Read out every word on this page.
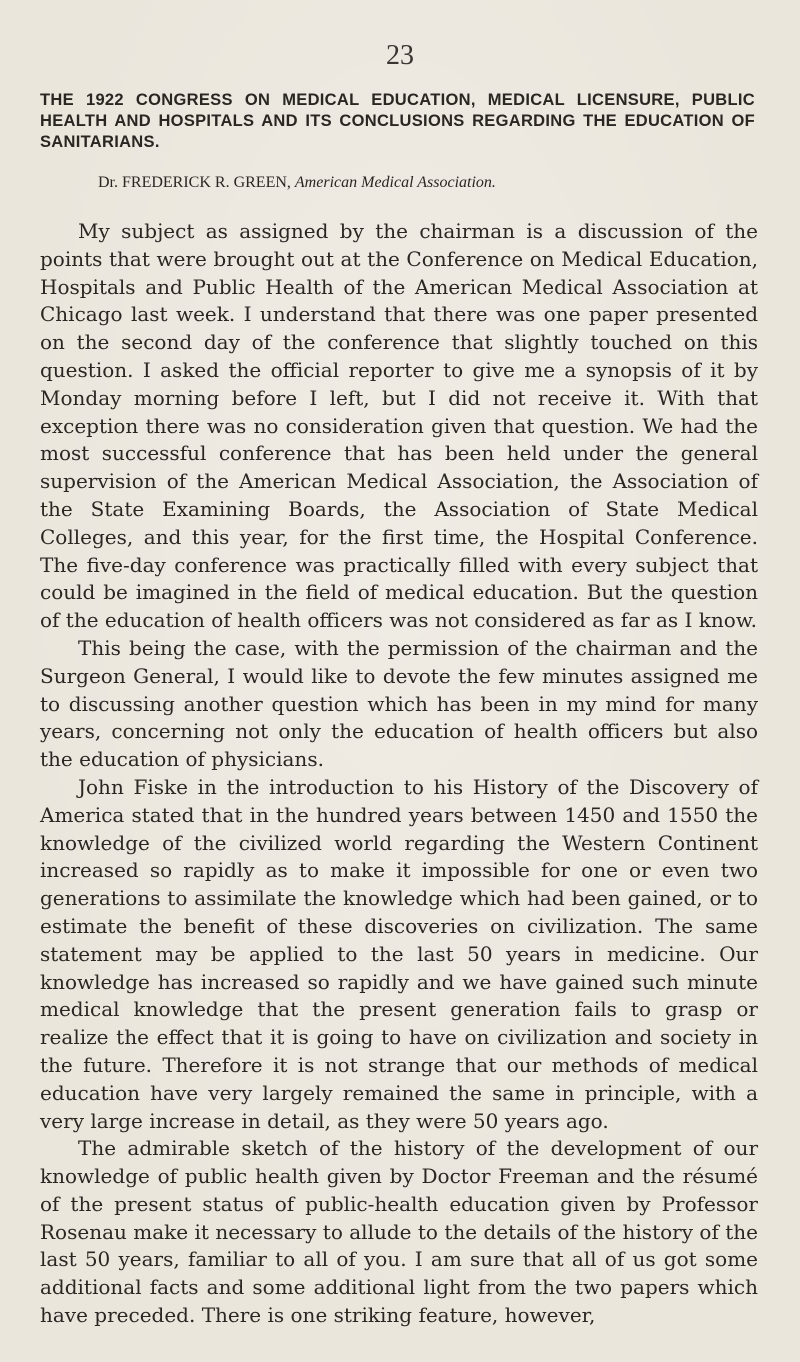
23
THE 1922 CONGRESS ON MEDICAL EDUCATION, MEDICAL LICENSURE, PUBLIC HEALTH AND HOSPITALS AND ITS CONCLUSIONS REGARDING THE EDUCATION OF SANITARIANS.
Dr. FREDERICK R. GREEN, American Medical Association.

My subject as assigned by the chairman is a discussion of the points that were brought out at the Conference on Medical Education, Hospitals and Public Health of the American Medical Association at Chicago last week. I understand that there was one paper presented on the second day of the conference that slightly touched on this question. I asked the official reporter to give me a synopsis of it by Monday morning before I left, but I did not receive it. With that exception there was no consideration given that question. We had the most successful conference that has been held under the general supervision of the American Medical Association, the Association of the State Examining Boards, the Association of State Medical Colleges, and this year, for the first time, the Hospital Conference. The five-day conference was practically filled with every subject that could be imagined in the field of medical education. But the question of the education of health officers was not considered as far as I know.

This being the case, with the permission of the chairman and the Surgeon General, I would like to devote the few minutes assigned me to discussing another question which has been in my mind for many years, concerning not only the education of health officers but also the education of physicians.

John Fiske in the introduction to his History of the Discovery of America stated that in the hundred years between 1450 and 1550 the knowledge of the civilized world regarding the Western Continent increased so rapidly as to make it impossible for one or even two generations to assimilate the knowledge which had been gained, or to estimate the benefit of these discoveries on civilization. The same statement may be applied to the last 50 years in medicine. Our knowledge has increased so rapidly and we have gained such minute medical knowledge that the present generation fails to grasp or realize the effect that it is going to have on civilization and society in the future. Therefore it is not strange that our methods of medical education have very largely remained the same in principle, with a very large increase in detail, as they were 50 years ago.

The admirable sketch of the history of the development of our knowledge of public health given by Doctor Freeman and the résumé of the present status of public-health education given by Professor Rosenau make it necessary to allude to the details of the history of the last 50 years, familiar to all of you. I am sure that all of us got some additional facts and some additional light from the two papers which have preceded. There is one striking feature, however,
